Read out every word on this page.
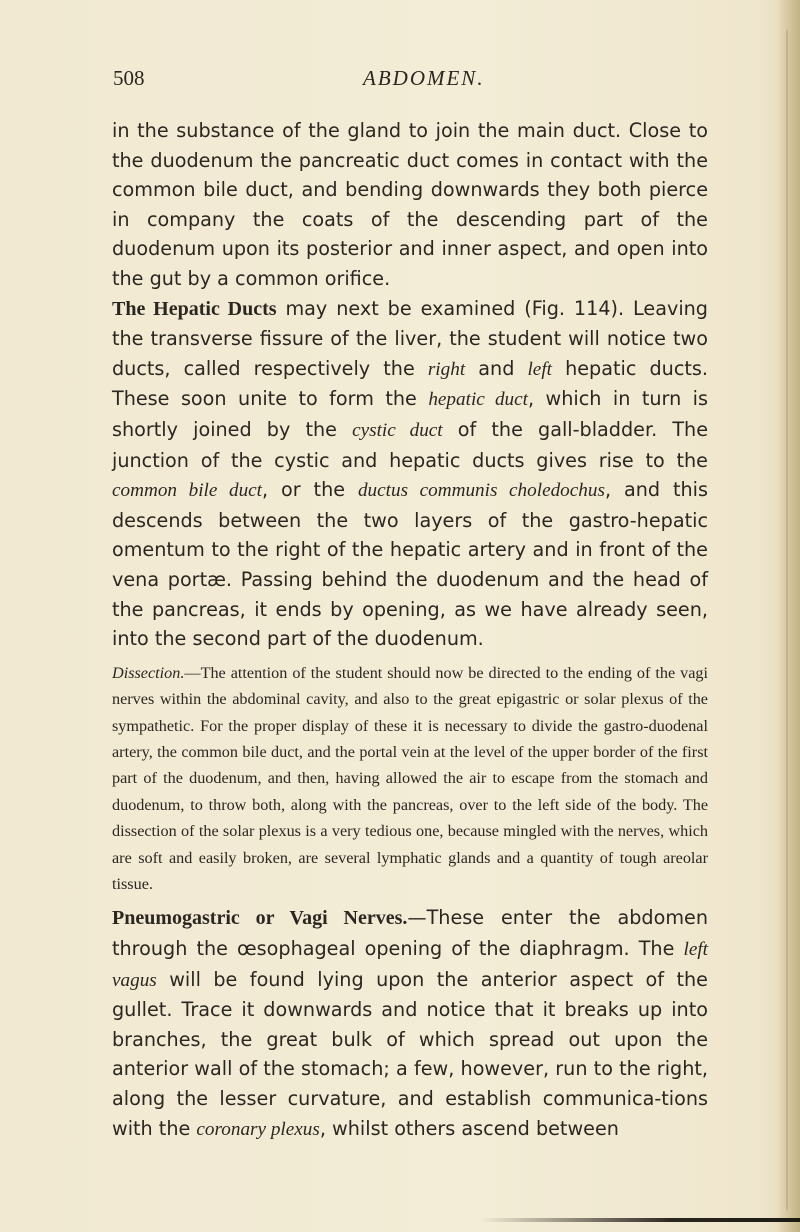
508	ABDOMEN.

in the substance of the gland to join the main duct. Close to the duodenum the pancreatic duct comes in contact with the common bile duct, and bending downwards they both pierce in company the coats of the descending part of the duodenum upon its posterior and inner aspect, and open into the gut by a common orifice.

The Hepatic Ducts may next be examined (Fig. 114). Leaving the transverse fissure of the liver, the student will notice two ducts, called respectively the right and left hepatic ducts. These soon unite to form the hepatic duct, which in turn is shortly joined by the cystic duct of the gall-bladder. The junction of the cystic and hepatic ducts gives rise to the common bile duct, or the ductus communis choledochus, and this descends between the two layers of the gastro-hepatic omentum to the right of the hepatic artery and in front of the vena portæ. Passing behind the duodenum and the head of the pancreas, it ends by opening, as we have already seen, into the second part of the duodenum.

Dissection.—The attention of the student should now be directed to the ending of the vagi nerves within the abdominal cavity, and also to the great epigastric or solar plexus of the sympathetic. For the proper display of these it is necessary to divide the gastro-duodenal artery, the common bile duct, and the portal vein at the level of the upper border of the first part of the duodenum, and then, having allowed the air to escape from the stomach and duodenum, to throw both, along with the pancreas, over to the left side of the body. The dissection of the solar plexus is a very tedious one, because mingled with the nerves, which are soft and easily broken, are several lymphatic glands and a quantity of tough areolar tissue.

Pneumogastric or Vagi Nerves.—These enter the abdomen through the œsophageal opening of the diaphragm. The left vagus will be found lying upon the anterior aspect of the gullet. Trace it downwards and notice that it breaks up into branches, the great bulk of which spread out upon the anterior wall of the stomach; a few, however, run to the right, along the lesser curvature, and establish communica-tions with the coronary plexus, whilst others ascend between
